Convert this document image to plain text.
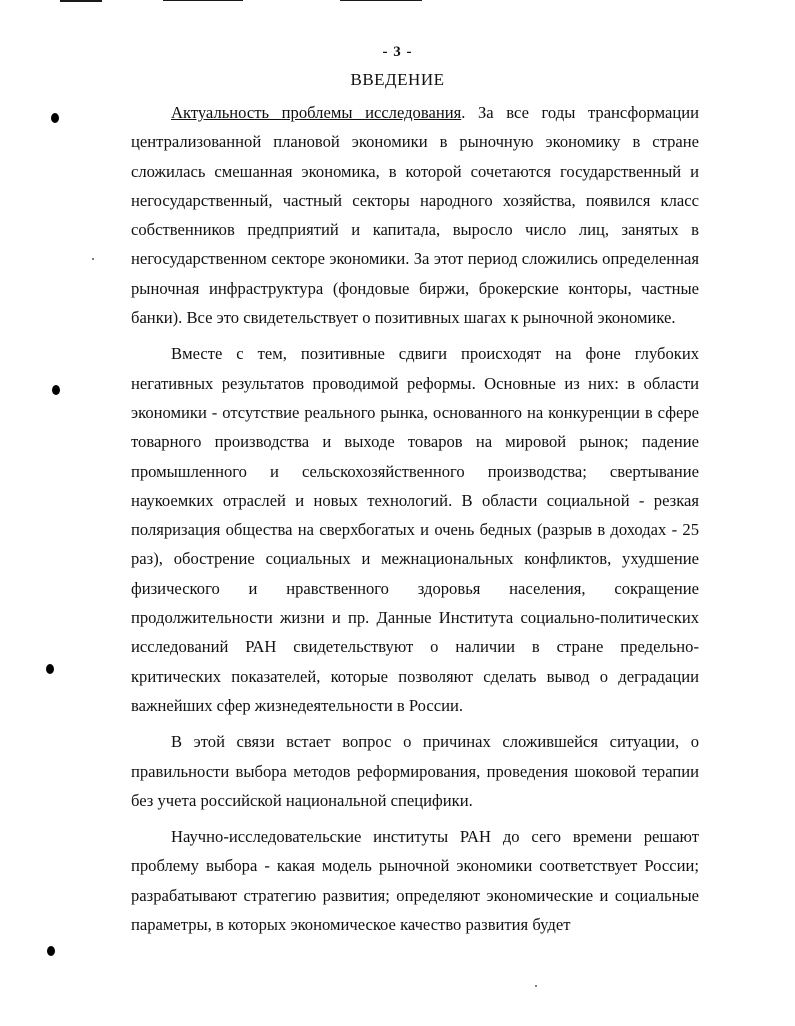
- 3 -
ВВЕДЕНИЕ

Актуальность проблемы исследования. За все годы трансформации централизованной плановой экономики в рыночную экономику в стране сложилась смешанная экономика, в которой сочетаются государственный и негосударственный, частный секторы народного хозяйства, появился класс собственников предприятий и капитала, выросло число лиц, занятых в негосударственном секторе экономики. За этот период сложились определенная рыночная инфраструктура (фондовые биржи, брокерские конторы, частные банки). Все это свидетельствует о позитивных шагах к рыночной экономике.

Вместе с тем, позитивные сдвиги происходят на фоне глубоких негативных результатов проводимой реформы. Основные из них: в области экономики - отсутствие реального рынка, основанного на конкуренции в сфере товарного производства и выходе товаров на мировой рынок; падение промышленного и сельскохозяйственного производства; свертывание наукоемких отраслей и новых технологий. В области социальной - резкая поляризация общества на сверхбогатых и очень бедных (разрыв в доходах - 25 раз), обострение социальных и межнациональных конфликтов, ухудшение физического и нравственного здоровья населения, сокращение продолжительности жизни и пр. Данные Института социально-политических исследований РАН свидетельствуют о наличии в стране предельно-критических показателей, которые позволяют сделать вывод о деградации важнейших сфер жизнедеятельности в России.

В этой связи встает вопрос о причинах сложившейся ситуации, о правильности выбора методов реформирования, проведения шоковой терапии без учета российской национальной специфики.

Научно-исследовательские институты РАН до сего времени решают проблему выбора - какая модель рыночной экономики соответствует России; разрабатывают стратегию развития; определяют экономические и социальные параметры, в которых экономическое качество развития будет
